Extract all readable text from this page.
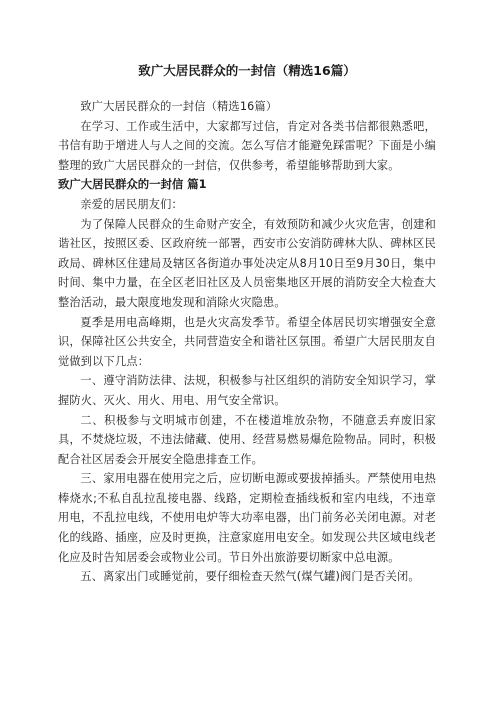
致广大居民群众的一封信（精选16篇）

致广大居民群众的一封信（精选16篇）

在学习、工作或生活中，大家都写过信，肯定对各类书信都很熟悉吧，书信有助于增进人与人之间的交流。怎么写信才能避免踩雷呢？下面是小编整理的致广大居民群众的一封信，仅供参考，希望能够帮助到大家。

致广大居民群众的一封信 篇1

亲爱的居民朋友们：

为了保障人民群众的生命财产安全，有效预防和减少火灾危害，创建和谐社区，按照区委、区政府统一部署，西安市公安消防碑林大队、碑林区民政局、碑林区住建局及辖区各街道办事处决定从8月10日至9月30日，集中时间、集中力量，在全区老旧社区及人员密集地区开展的消防安全大检查大整治活动，最大限度地发现和消除火灾隐患。

夏季是用电高峰期，也是火灾高发季节。希望全体居民切实增强安全意识，保障社区公共安全，共同营造安全和谐社区氛围。希望广大居民朋友自觉做到以下几点：

一、遵守消防法律、法规，积极参与社区组织的消防安全知识学习，掌握防火、灭火、用火、用电、用气安全常识。

二、积极参与文明城市创建，不在楼道堆放杂物，不随意丢弃废旧家具，不焚烧垃圾，不违法储藏、使用、经营易燃易爆危险物品。同时，积极配合社区居委会开展安全隐患排查工作。

三、家用电器在使用完之后，应切断电源或要拔掉插头。严禁使用电热棒烧水;不私自乱拉乱接电器、线路，定期检查插线板和室内电线，不违章用电，不乱拉电线，不使用电炉等大功率电器，出门前务必关闭电源。对老化的线路、插座，应及时更换，注意家庭用电安全。如发现公共区域电线老化应及时告知居委会或物业公司。节日外出旅游要切断家中总电源。

五、离家出门或睡觉前，要仔细检查天然气(煤气罐)阀门是否关闭。
